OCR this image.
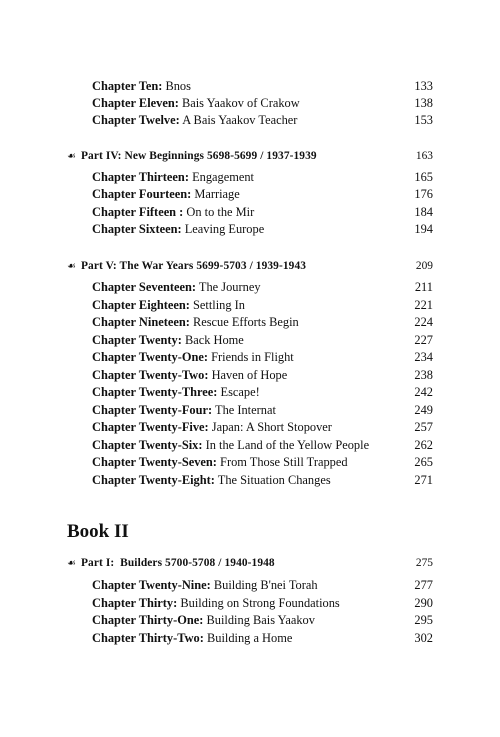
Chapter Ten: Bnos	133
Chapter Eleven: Bais Yaakov of Crakow	138
Chapter Twelve: A Bais Yaakov Teacher	153
☙ Part IV: New Beginnings 5698-5699 / 1937-1939	163
Chapter Thirteen: Engagement	165
Chapter Fourteen: Marriage	176
Chapter Fifteen : On to the Mir	184
Chapter Sixteen: Leaving Europe	194
☙ Part V: The War Years 5699-5703 / 1939-1943	209
Chapter Seventeen: The Journey	211
Chapter Eighteen: Settling In	221
Chapter Nineteen: Rescue Efforts Begin	224
Chapter Twenty: Back Home	227
Chapter Twenty-One: Friends in Flight	234
Chapter Twenty-Two: Haven of Hope	238
Chapter Twenty-Three: Escape!	242
Chapter Twenty-Four: The Internat	249
Chapter Twenty-Five: Japan: A Short Stopover	257
Chapter Twenty-Six: In the Land of the Yellow People	262
Chapter Twenty-Seven: From Those Still Trapped	265
Chapter Twenty-Eight: The Situation Changes	271
Book II
☙ Part I:  Builders 5700-5708 / 1940-1948	275
Chapter Twenty-Nine: Building B'nei Torah	277
Chapter Thirty: Building on Strong Foundations	290
Chapter Thirty-One: Building Bais Yaakov	295
Chapter Thirty-Two: Building a Home	302
